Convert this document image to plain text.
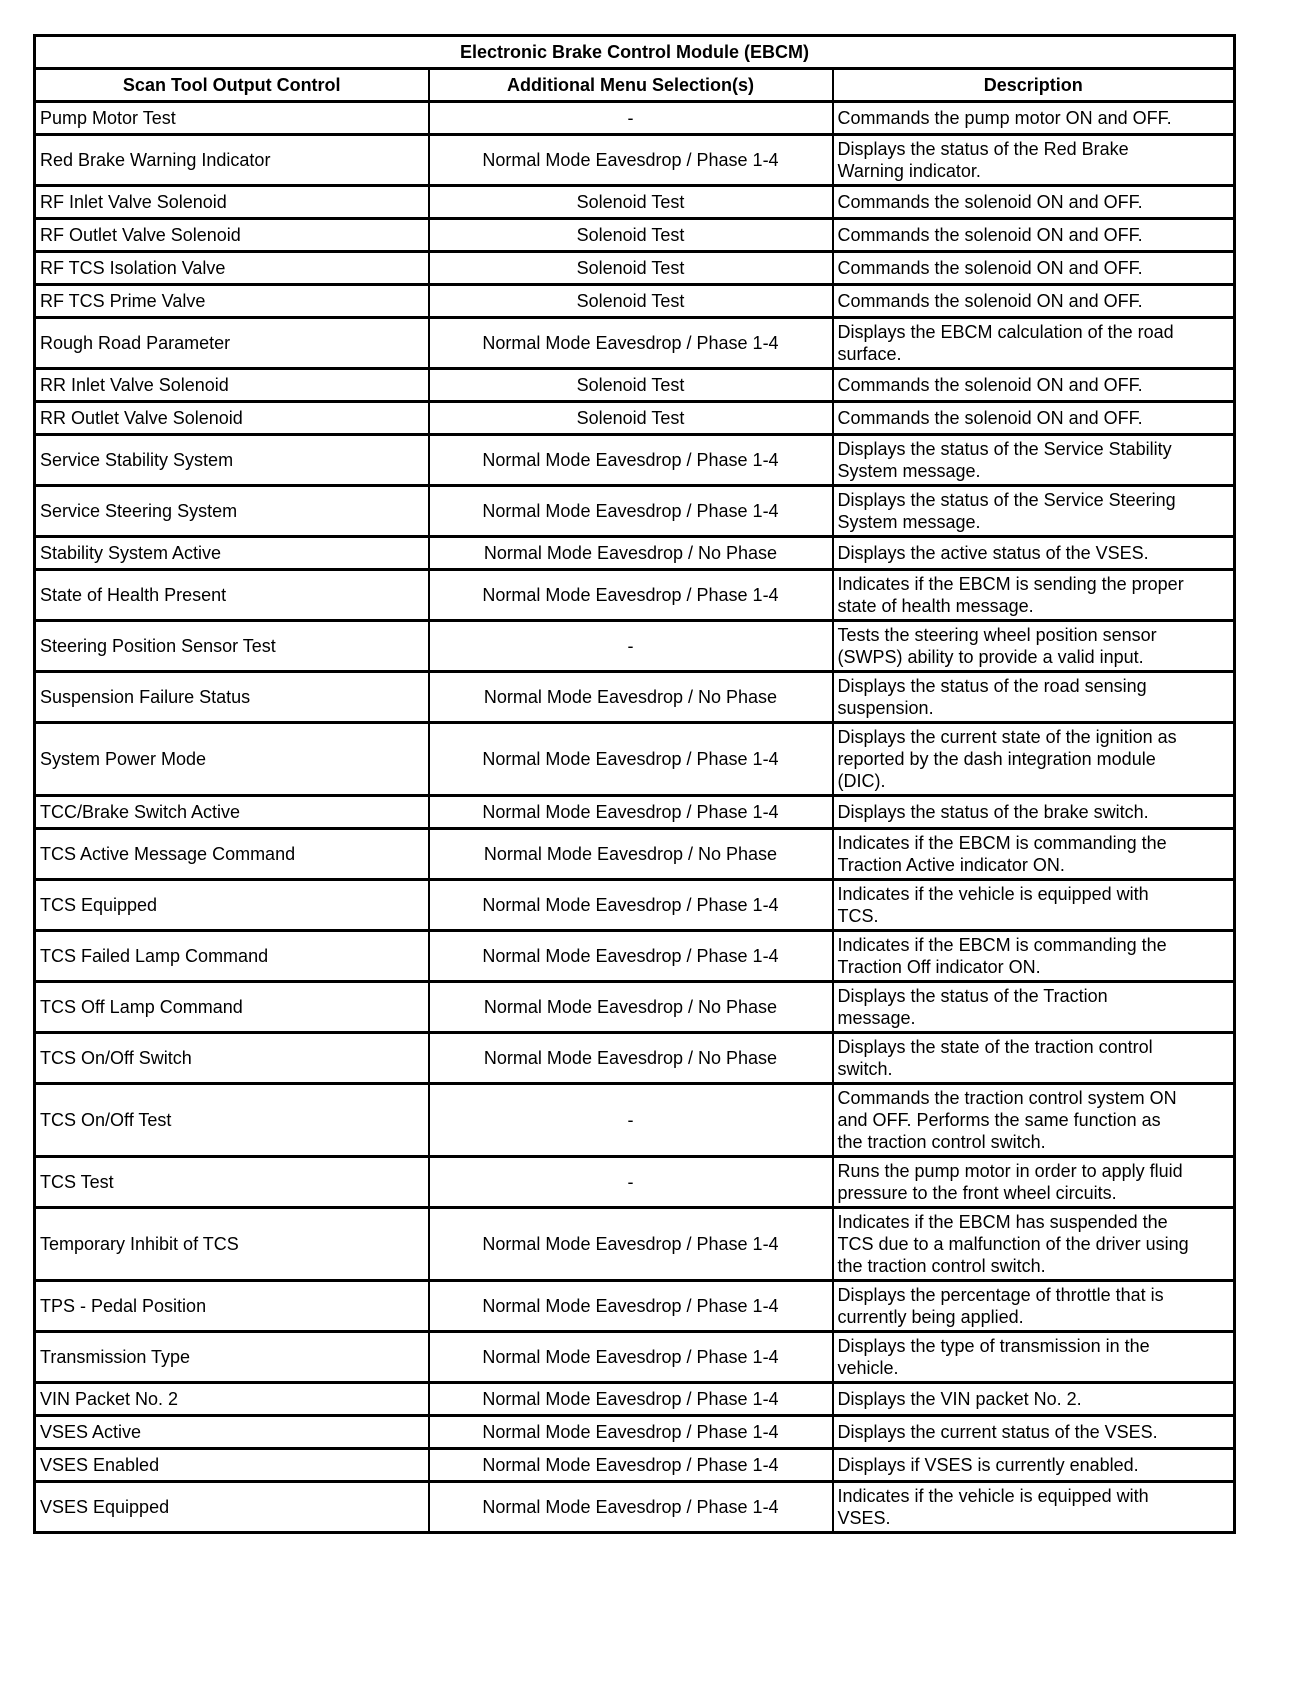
Electronic Brake Control Module (EBCM)		
Scan Tool Output Control	Additional Menu Selection(s)	Description
Pump Motor Test	-	Commands the pump motor ON and OFF.

Red Brake Warning Indicator	Normal Mode Eavesdrop / Phase 1-4	Displays the status of the Red Brake
Warning indicator.

RF Inlet Valve Solenoid	Solenoid Test	Commands the solenoid ON and OFF.

RF Outlet Valve Solenoid	Solenoid Test	Commands the solenoid ON and OFF.

RF TCS Isolation Valve	Solenoid Test	Commands the solenoid ON and OFF.

RF TCS Prime Valve	Solenoid Test	Commands the solenoid ON and OFF.

Rough Road Parameter	Normal Mode Eavesdrop / Phase 1-4	Displays the EBCM calculation of the road
surface.

RR Inlet Valve Solenoid	Solenoid Test	Commands the solenoid ON and OFF.

RR Outlet Valve Solenoid	Solenoid Test	Commands the solenoid ON and OFF.

Service Stability System	Normal Mode Eavesdrop / Phase 1-4	Displays the status of the Service Stability
System message.

Service Steering System	Normal Mode Eavesdrop / Phase 1-4	Displays the status of the Service Steering
System message.

Stability System Active	Normal Mode Eavesdrop / No Phase	Displays the active status of the VSES.

State of Health Present	Normal Mode Eavesdrop / Phase 1-4	Indicates if the EBCM is sending the proper
state of health message.

Steering Position Sensor Test	-	Tests the steering wheel position sensor
(SWPS) ability to provide a valid input.

Suspension Failure Status	Normal Mode Eavesdrop / No Phase	Displays the status of the road sensing
suspension.

System Power Mode	Normal Mode Eavesdrop / Phase 1-4	Displays the current state of the ignition as
reported by the dash integration module
(DIC).

TCC/Brake Switch Active	Normal Mode Eavesdrop / Phase 1-4	Displays the status of the brake switch.

TCS Active Message Command	Normal Mode Eavesdrop / No Phase	Indicates if the EBCM is commanding the
Traction Active indicator ON.

TCS Equipped	Normal Mode Eavesdrop / Phase 1-4	Indicates if the vehicle is equipped with
TCS.

TCS Failed Lamp Command	Normal Mode Eavesdrop / Phase 1-4	Indicates if the EBCM is commanding the
Traction Off indicator ON.

TCS Off Lamp Command	Normal Mode Eavesdrop / No Phase	Displays the status of the Traction
message.

TCS On/Off Switch	Normal Mode Eavesdrop / No Phase	Displays the state of the traction control
switch.

TCS On/Off Test	-	Commands the traction control system ON
and OFF. Performs the same function as
the traction control switch.

TCS Test	-	Runs the pump motor in order to apply fluid
pressure to the front wheel circuits.

Temporary Inhibit of TCS	Normal Mode Eavesdrop / Phase 1-4	Indicates if the EBCM has suspended the
TCS due to a malfunction of the driver using
the traction control switch.

TPS - Pedal Position	Normal Mode Eavesdrop / Phase 1-4	Displays the percentage of throttle that is
currently being applied.

Transmission Type	Normal Mode Eavesdrop / Phase 1-4	Displays the type of transmission in the
vehicle.

VIN Packet No. 2	Normal Mode Eavesdrop / Phase 1-4	Displays the VIN packet No. 2.

VSES Active	Normal Mode Eavesdrop / Phase 1-4	Displays the current status of the VSES.

VSES Enabled	Normal Mode Eavesdrop / Phase 1-4	Displays if VSES is currently enabled.

VSES Equipped	Normal Mode Eavesdrop / Phase 1-4	Indicates if the vehicle is equipped with
VSES.
